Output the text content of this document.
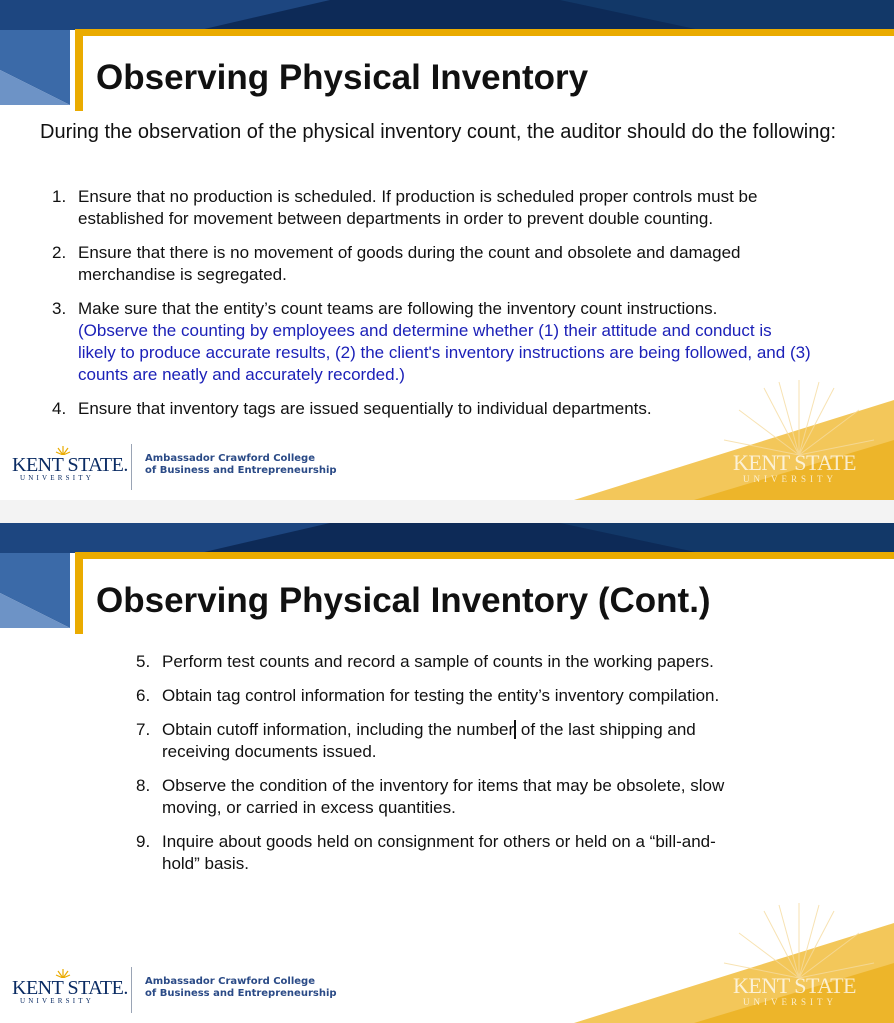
Observing Physical Inventory

During the observation of the physical inventory count, the auditor should do the following:

1. Ensure that no production is scheduled. If production is scheduled proper controls must be established for movement between departments in order to prevent double counting.
2. Ensure that there is no movement of goods during the count and obsolete and damaged merchandise is segregated.
3. Make sure that the entity’s count teams are following the inventory count instructions.
(Observe the counting by employees and determine whether (1) their attitude and conduct is likely to produce accurate results, (2) the client's inventory instructions are being followed, and (3) counts are neatly and accurately recorded.)
4. Ensure that inventory tags are issued sequentially to individual departments.
KENT STATE.
UNIVERSITY
Ambassador Crawford College
of Business and Entrepreneurship	KENT STATE
UNIVERSITY
Observing Physical Inventory (Cont.)
KENT STATE.
UNIVERSITY
Ambassador Crawford College
of Business and Entrepreneurship	KENT STATE
UNIVERSITY
5. Perform test counts and record a sample of counts in the working papers.
6. Obtain tag control information for testing the entity’s inventory compilation.
7. Obtain cutoff information, including the number of the last shipping and receiving documents issued.
8. Observe the condition of the inventory for items that may be obsolete, slow moving, or carried in excess quantities.
9. Inquire about goods held on consignment for others or held on a “bill-and-hold” basis.
